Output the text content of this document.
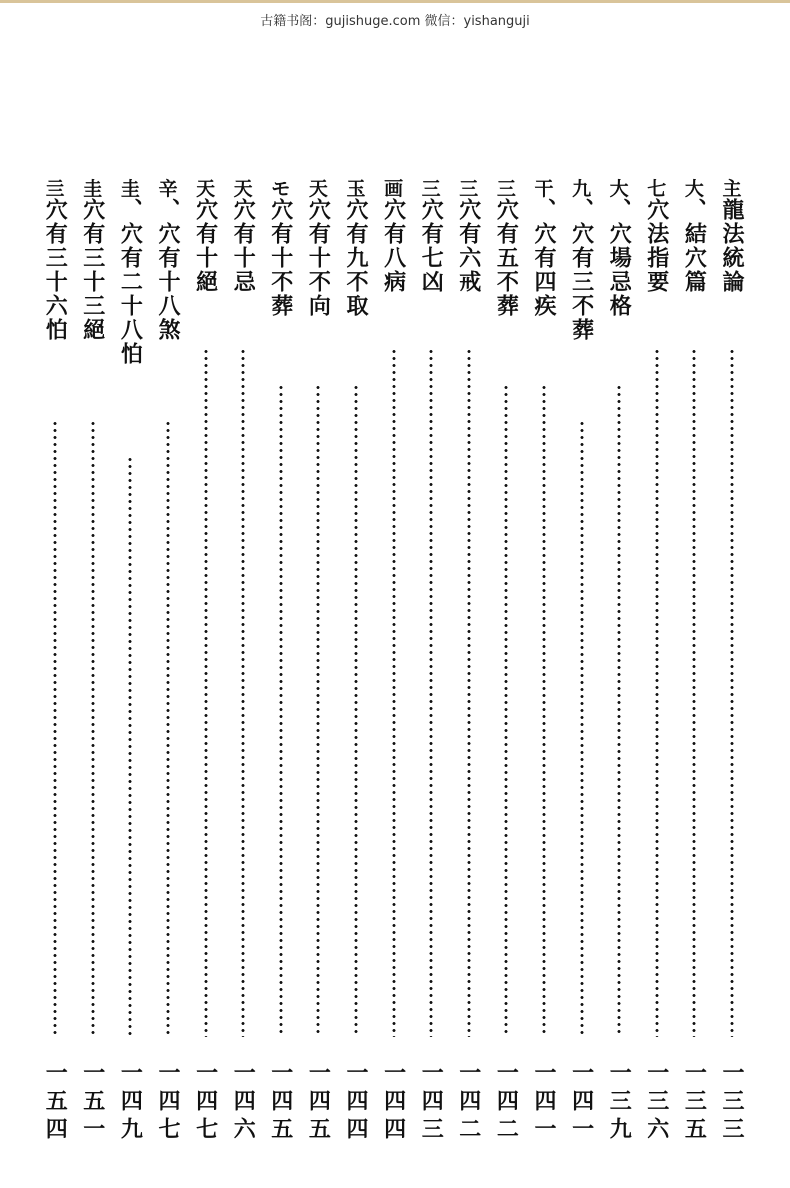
古籍书阁：gujishuge.com 微信：yishanguji
主
龍法統論
一三三
大
、結穴篇
一三五
七
穴法指要
一三六
大
、穴場忌格
一三九
九
、穴有三不葬
一四一
干
、穴有四疾
一四一
三
穴有五不葬
一四二
三
穴有六戒
一四二
三
穴有七凶
一四三
画
穴有八病
一四四
玉
穴有九不取
一四四
天
穴有十不向
一四五
モ
穴有十不葬
一四五
天
穴有十忌
一四六
天
穴有十絕
一四七
辛
、穴有十八煞
一四七
圭
、穴有二十八怕
一四九
圭
穴有三十三絕
一五一
亖
穴有三十六怕
一五四
